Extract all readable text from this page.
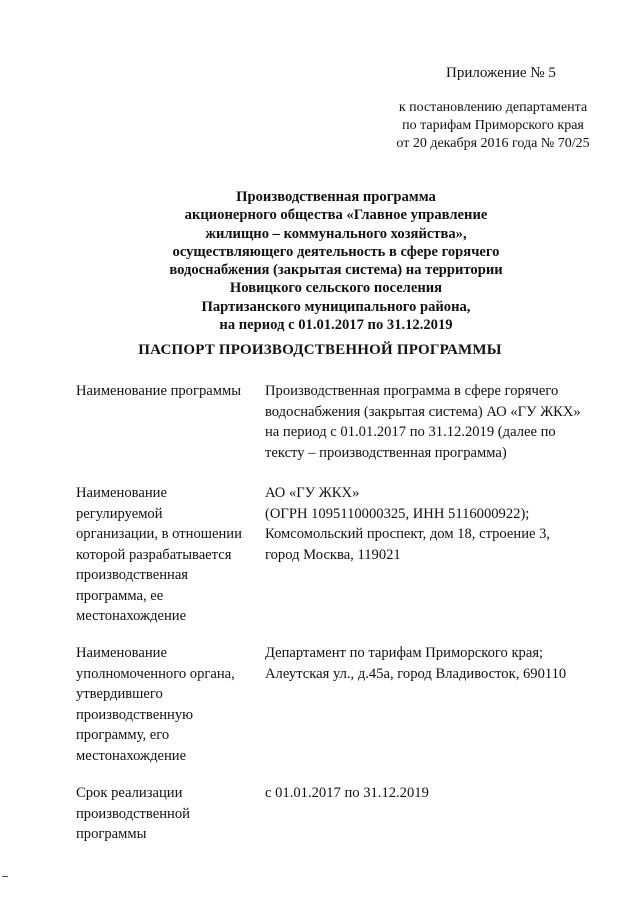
Приложение № 5
к постановлению департамента
по тарифам Приморского края
от 20 декабря 2016 года № 70/25
Производственная программа
акционерного общества «Главное управление
жилищно – коммунального хозяйства»,
осуществляющего деятельность в сфере горячего
водоснабжения (закрытая система) на территории
Новицкого сельского поселения
Партизанского муниципального района,
на период с 01.01.2017 по 31.12.2019
ПАСПОРТ ПРОИЗВОДСТВЕННОЙ ПРОГРАММЫ
Наименование программы	Производственная программа в сфере горячего
водоснабжения (закрытая система) АО «ГУ ЖКХ»
на период с 01.01.2017 по 31.12.2019 (далее по
тексту – производственная программа)
Наименование
регулируемой
организации, в отношении
которой разрабатывается
производственная
программа, ее
местонахождение
АО «ГУ ЖКХ»
(ОГРН 1095110000325, ИНН 5116000922);
Комсомольский проспект, дом 18, строение 3,
город Москва, 119021
Наименование
уполномоченного органа,
утвердившего
производственную
программу, его
местонахождение
Департамент по тарифам Приморского края;
Алеутская ул., д.45а, город Владивосток, 690110
Срок реализации
производственной
программы
с 01.01.2017 по 31.12.2019
